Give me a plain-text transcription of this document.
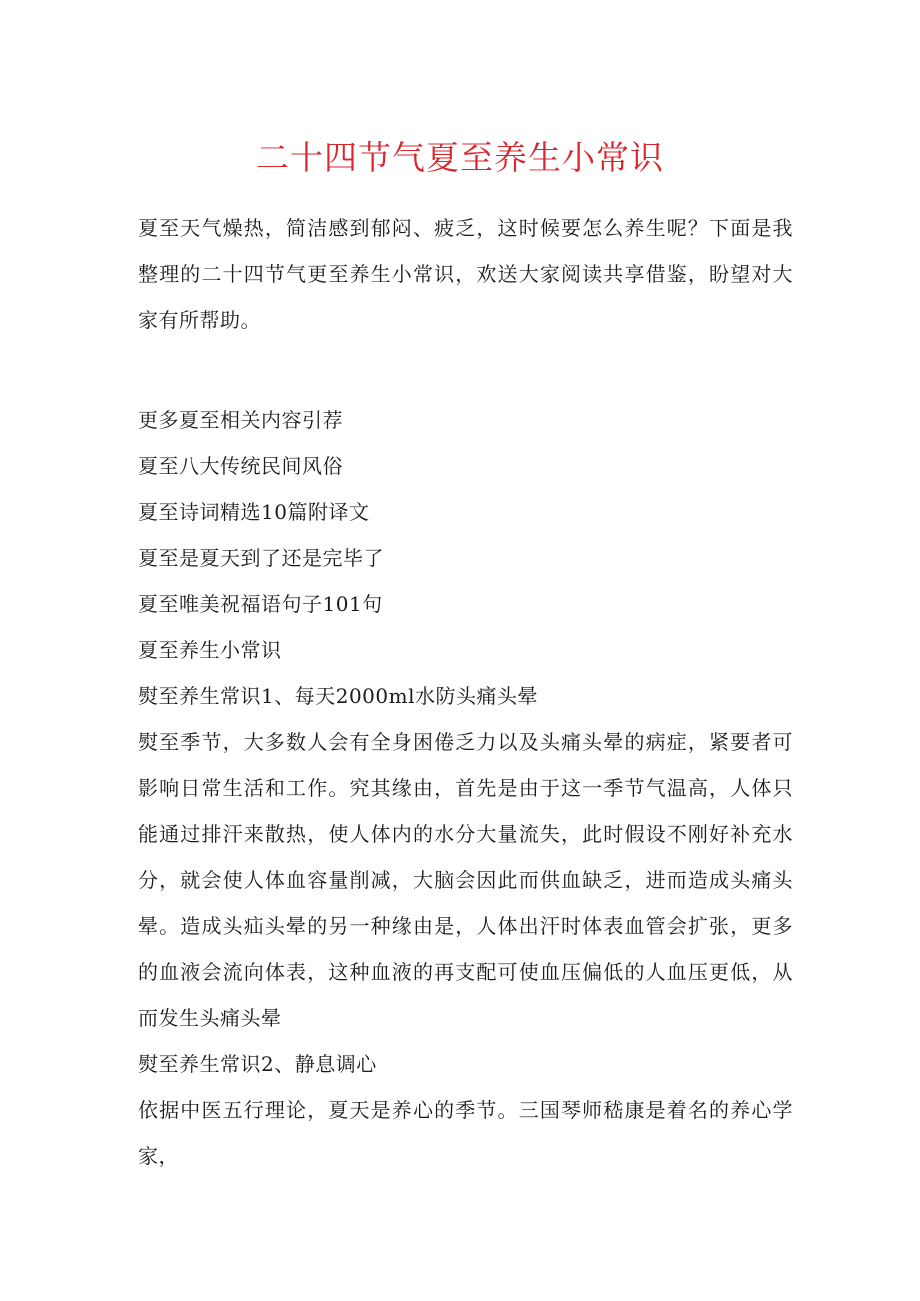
二十四节气夏至养生小常识

夏至天气燥热，简洁感到郁闷、疲乏，这时候要怎么养生呢？下面是我整理的二十四节气更至养生小常识，欢送大家阅读共享借鉴，盼望对大家有所帮助。

更多夏至相关内容引荐

夏至八大传统民间风俗

夏至诗词精选10篇附译文

夏至是夏天到了还是完毕了

夏至唯美祝福语句子101句

夏至养生小常识

熨至养生常识1、每天2000ml水防头痛头晕

熨至季节，大多数人会有全身困倦乏力以及头痛头晕的病症，紧要者可影响日常生活和工作。究其缘由，首先是由于这一季节气温高，人体只能通过排汗来散热，使人体内的水分大量流失，此时假设不刚好补充水分，就会使人体血容量削减，大脑会因此而供血缺乏，进而造成头痛头晕。造成头疝头晕的另一种缘由是，人体出汗时体表血管会扩张，更多的血液会流向体表，这种血液的再支配可使血压偏低的人血压更低，从而发生头痛头晕

熨至养生常识2、静息调心

依据中医五行理论，夏天是养心的季节。三国琴师嵇康是着名的养心学家，
